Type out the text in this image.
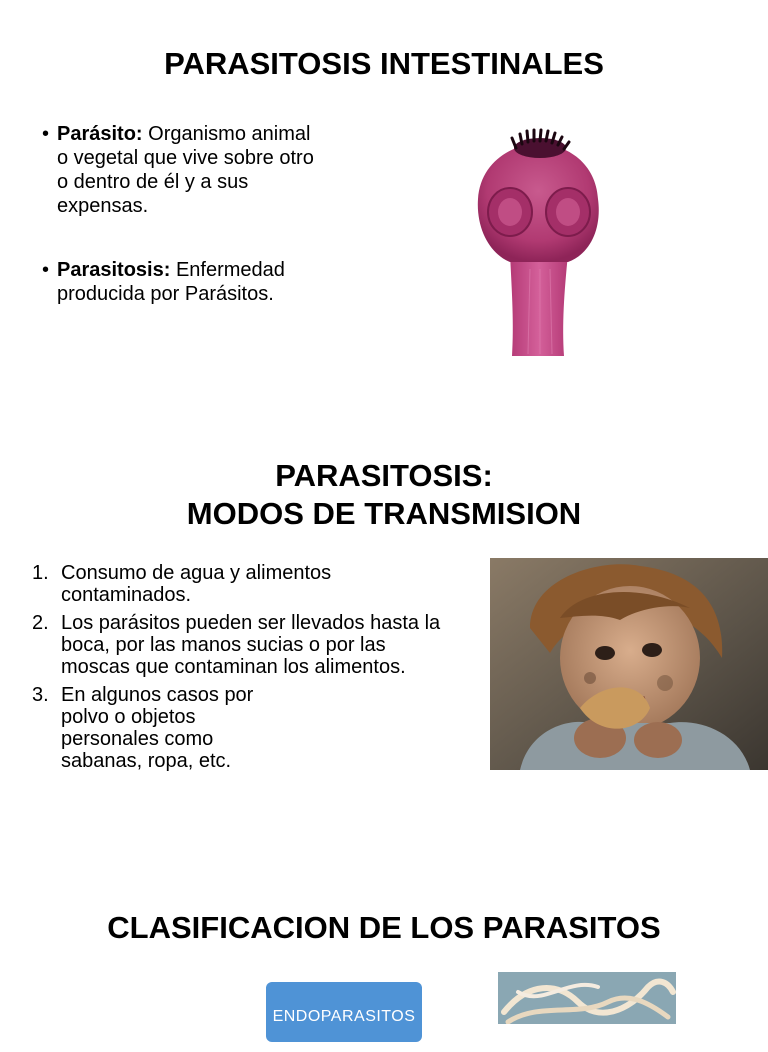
PARASITOSIS INTESTINALES
• Parásito: Organismo animal
o vegetal que vive sobre otro
o dentro de él y a sus
expensas.
• Parasitosis: Enfermedad
producida por Parásitos.
PARASITOSIS:
MODOS DE TRANSMISION
1. Consumo de agua y alimentos
contaminados.
2. Los parásitos pueden ser llevados hasta la
boca, por las manos sucias o por las
moscas que contaminan los alimentos.
3. En algunos casos por
polvo o objetos
personales como
sabanas, ropa, etc.
CLASIFICACION DE LOS PARASITOS
ENDOPARASITOS
